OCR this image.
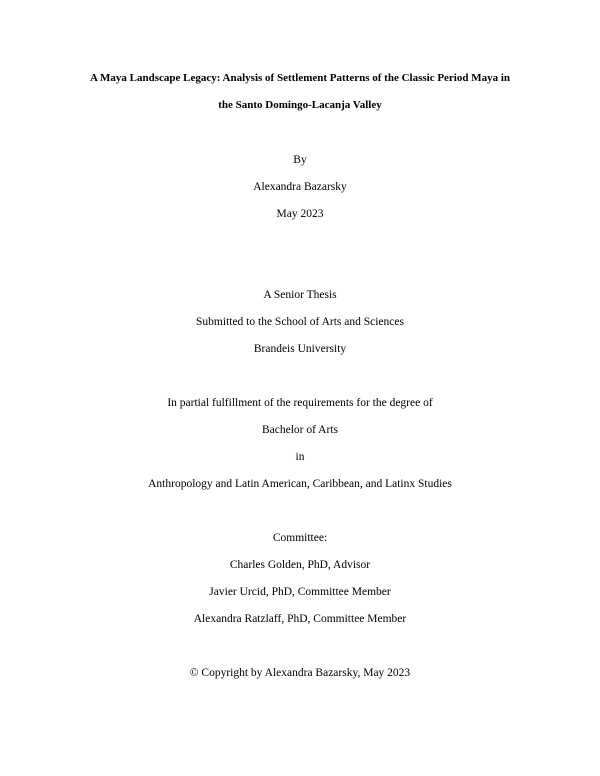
A Maya Landscape Legacy: Analysis of Settlement Patterns of the Classic Period Maya in
the Santo Domingo-Lacanja Valley
By
Alexandra Bazarsky
May 2023
A Senior Thesis
Submitted to the School of Arts and Sciences
Brandeis University
In partial fulfillment of the requirements for the degree of
Bachelor of Arts
in
Anthropology and Latin American, Caribbean, and Latinx Studies
Committee:
Charles Golden, PhD, Advisor
Javier Urcid, PhD, Committee Member
Alexandra Ratzlaff, PhD, Committee Member
© Copyright by Alexandra Bazarsky, May 2023
